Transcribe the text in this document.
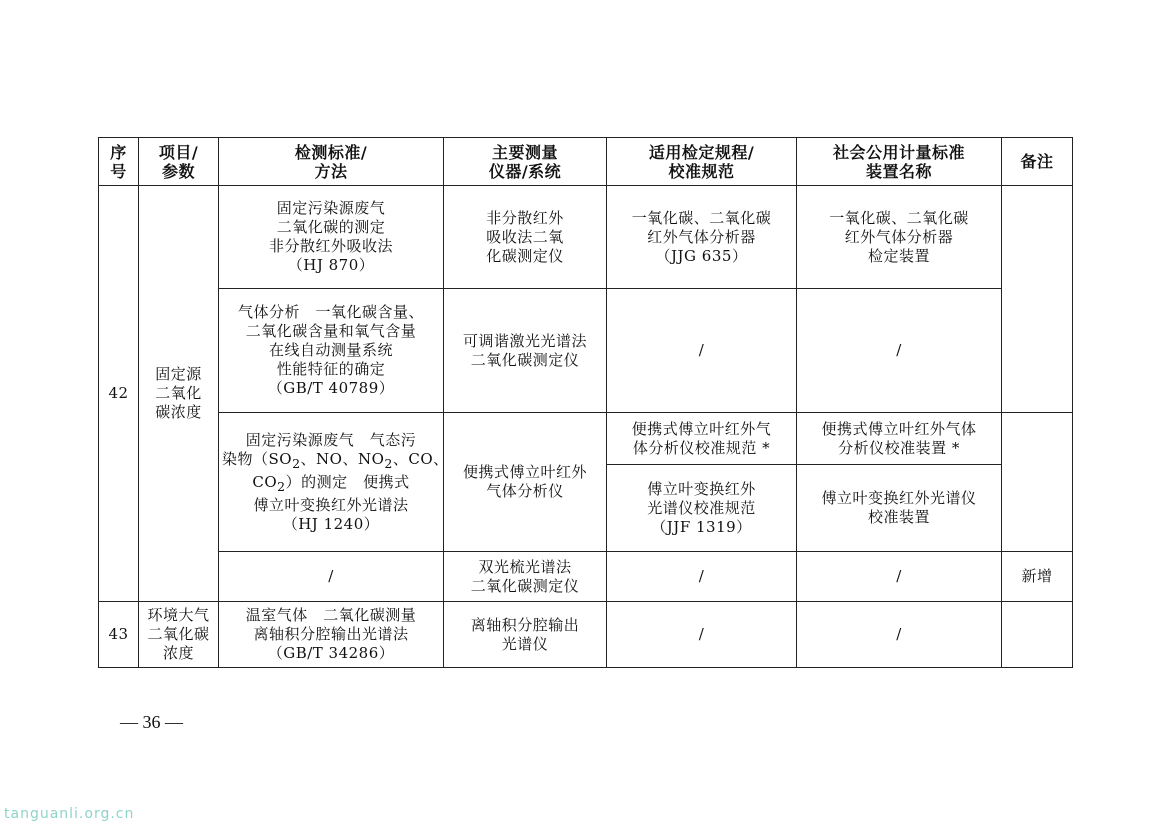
序
号	项目/
参数	检测标准/
方法	主要测量
仪器/系统	适用检定规程/
校准规范	社会公用计量标准
装置名称	备注

42	固定源
二氧化
碳浓度	固定污染源废气
二氧化碳的测定
非分散红外吸收法
（HJ 870）	非分散红外
吸收法二氧
化碳测定仪	一氧化碳、二氧化碳
红外气体分析器
（JJG 635）	一氧化碳、二氧化碳
红外气体分析器
检定装置	

		气体分析　一氧化碳含量、
二氧化碳含量和氧气含量
在线自动测量系统
性能特征的确定
（GB/T 40789）	可调谐激光光谱法
二氧化碳测定仪	/	/	

		固定污染源废气　气态污
染物（$SO_2$、NO、$NO_2$、CO、
$CO_2$）的测定　便携式
傅立叶变换红外光谱法
（HJ 1240）	便携式傅立叶红外
气体分析仪	便携式傅立叶红外气
体分析仪校准规范 *	便携式傅立叶红外气体
分析仪校准装置 *	

				傅立叶变换红外
光谱仪校准规范
（JJF 1319）	傅立叶变换红外光谱仪
校准装置	

		/	双光梳光谱法
二氧化碳测定仪	/	/	新增
43	环境大气
二氧化碳
浓度	温室气体　二氧化碳测量
离轴积分腔输出光谱法
（GB/T 34286）	离轴积分腔输出
光谱仪	/	/	
— 36 —
tanguanli.org.cn
